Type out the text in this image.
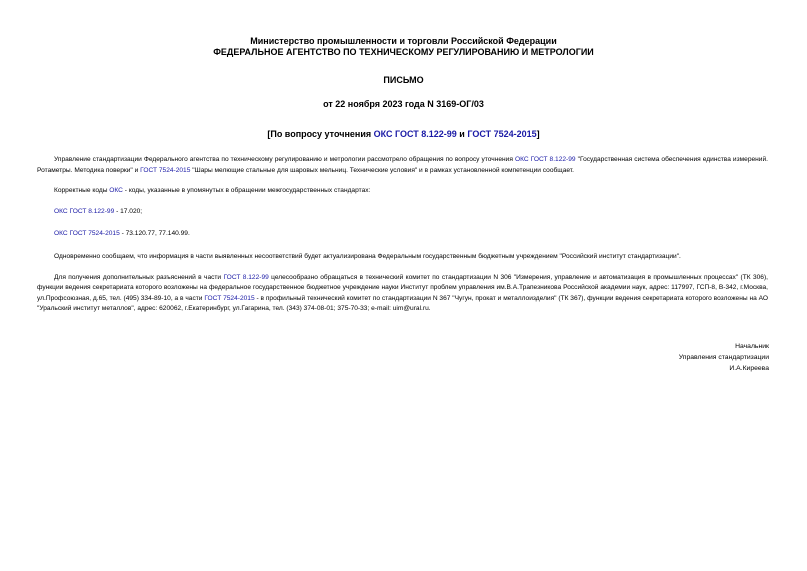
Министерство промышленности и торговли Российской Федерации
ФЕДЕРАЛЬНОЕ АГЕНТСТВО ПО ТЕХНИЧЕСКОМУ РЕГУЛИРОВАНИЮ И МЕТРОЛОГИИ
ПИСЬМО
от 22 ноября 2023 года N 3169-ОГ/03
[По вопросу уточнения ОКС ГОСТ 8.122-99 и ГОСТ 7524-2015]

Управление стандартизации Федерального агентства по техническому регулированию и метрологии рассмотрело обращения по вопросу уточнения ОКС ГОСТ 8.122-99 "Государственная система обеспечения единства измерений. Ротаметры. Методика поверки" и ГОСТ 7524-2015 "Шары мелющие стальные для шаровых мельниц. Технические условия" и в рамках установленной компетенции сообщает.

Корректные коды ОКС - коды, указанные в упомянутых в обращении межгосударственных стандартах:

ОКС ГОСТ 8.122-99 - 17.020;

ОКС ГОСТ 7524-2015 - 73.120.77, 77.140.99.

Одновременно сообщаем, что информация в части выявленных несоответствий будет актуализирована Федеральным государственным бюджетным учреждением "Российский институт стандартизации".

Для получения дополнительных разъяснений в части ГОСТ 8.122-99 целесообразно обращаться в технический комитет по стандартизации N 306 "Измерения, управление и автоматизация в промышленных процессах" (ТК 306), функции ведения секретариата которого возложены на федеральное государственное бюджетное учреждение науки Институт проблем управления им.В.А.Трапезникова Российской академии наук, адрес: 117997, ГСП-8, В-342, г.Москва, ул.Профсоюзная, д.65, тел. (495) 334-89-10, а в части ГОСТ 7524-2015 - в профильный технический комитет по стандартизации N 367 "Чугун, прокат и металлоизделия" (ТК 367), функции ведения секретариата которого возложены на АО "Уральский институт металлов", адрес: 620062, г.Екатеринбург, ул.Гагарина, тел. (343) 374-08-01; 375-70-33; e-mail: uim@ural.ru.

Начальник
Управления стандартизации
И.А.Киреева
